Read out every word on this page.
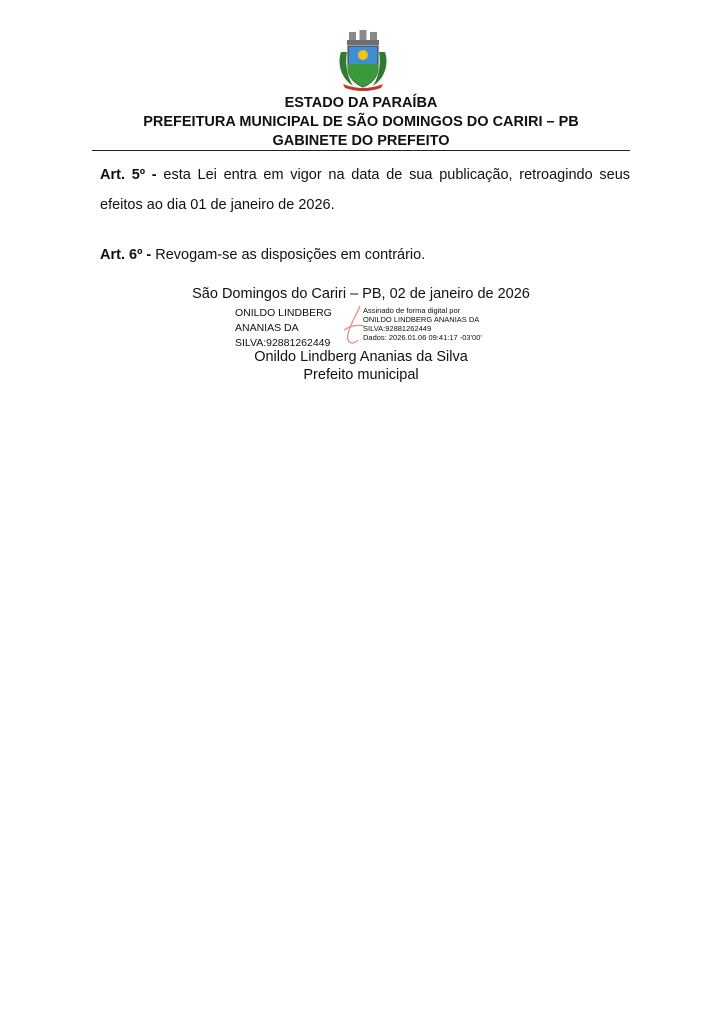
ESTADO DA PARAÍBA
PREFEITURA MUNICIPAL DE SÃO DOMINGOS DO CARIRI – PB
GABINETE DO PREFEITO
Art. 5º - esta Lei entra em vigor na data de sua publicação, retroagindo seus efeitos ao dia 01 de janeiro de 2026.
Art. 6º - Revogam-se as disposições em contrário.
São Domingos do Cariri – PB, 02 de janeiro de 2026
ONILDO LINDBERG
ANANIAS DA
SILVA:92881262449
Assinado de forma digital por
ONILDO LINDBERG ANANIAS DA
SILVA:92881262449
Dados: 2026.01.06 09:41:17 -03'00'
Onildo Lindberg Ananias da Silva
Prefeito municipal
